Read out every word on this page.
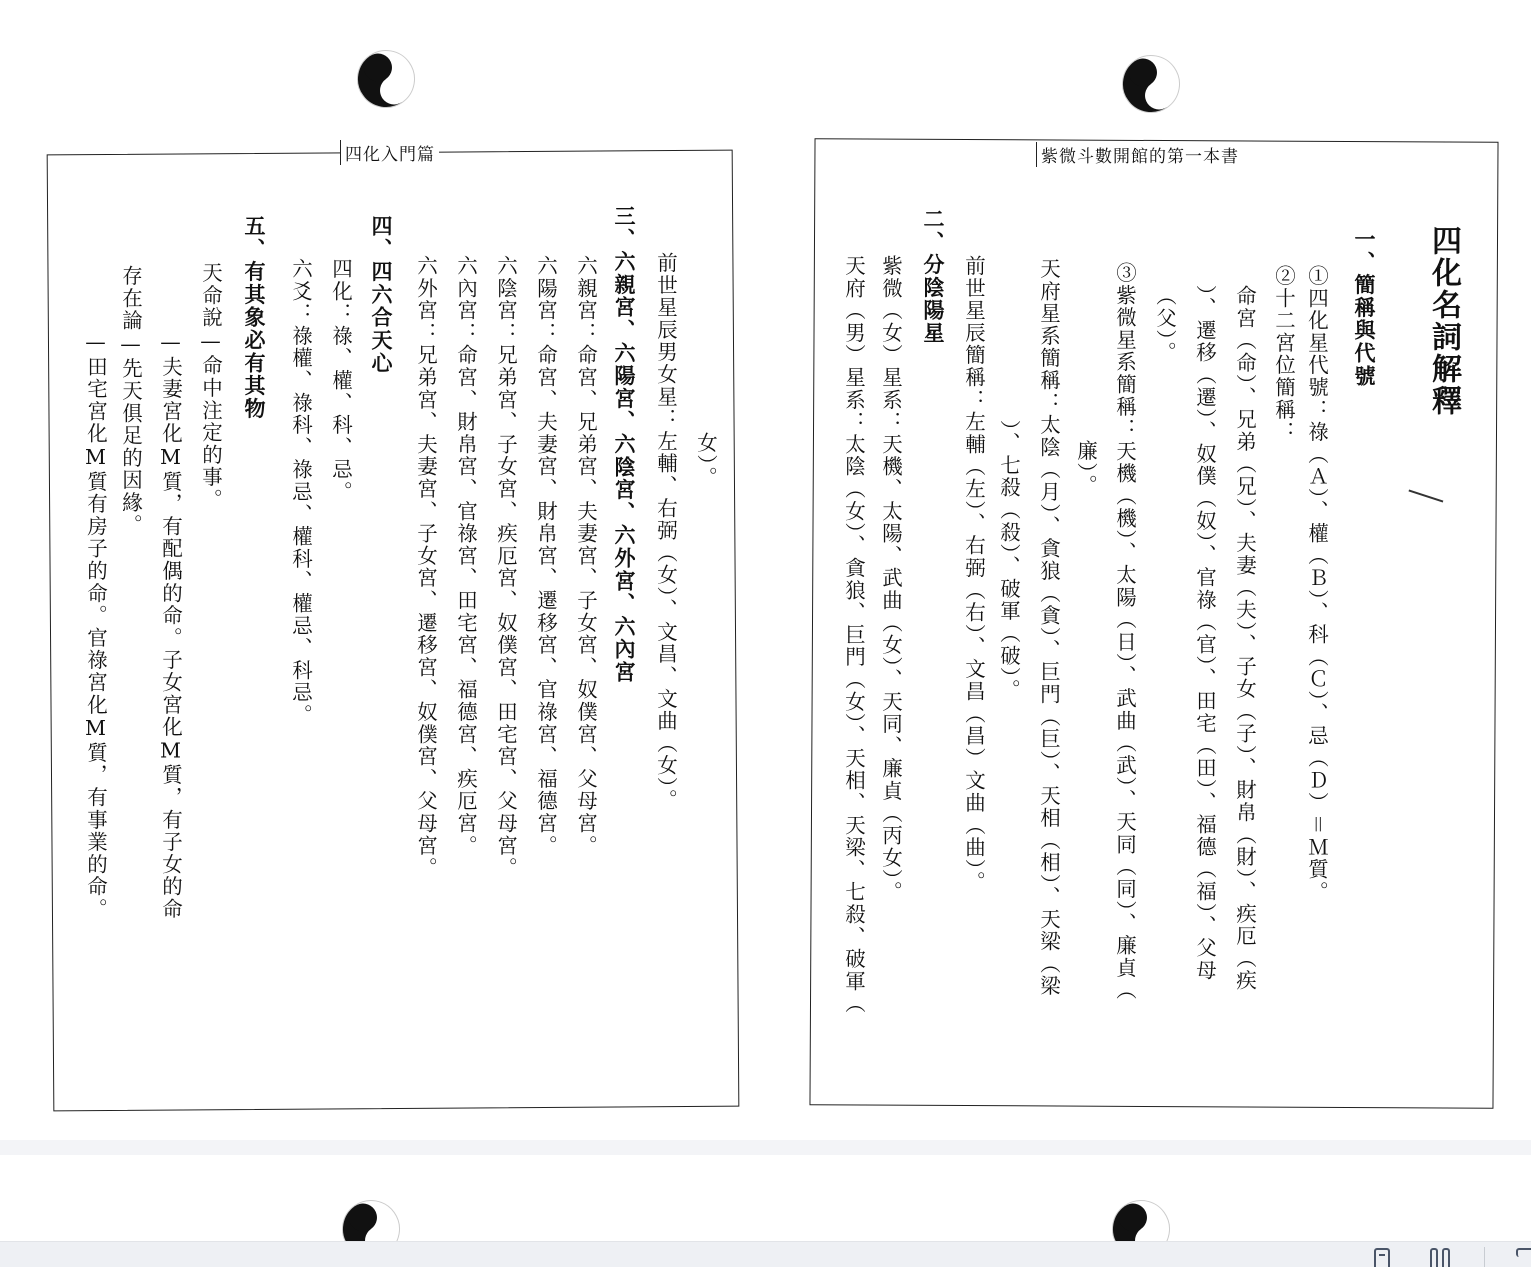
四化入門篇	紫微斗數開館的第一本書
女）。
前世星辰男女星：左輔、右弼（女）、文昌、文曲（女）。
三、六親宮、六陽宮、六陰宮、六外宮、六內宮
六親宮：命宮、兄弟宮、夫妻宮、子女宮、奴僕宮、父母宮。
六陽宮：命宮、夫妻宮、財帛宮、遷移宮、官祿宮、福德宮。
六陰宮：兄弟宮、子女宮、疾厄宮、奴僕宮、田宅宮、父母宮。
六內宮：命宮、財帛宮、官祿宮、田宅宮、福德宮、疾厄宮。
六外宮：兄弟宮、夫妻宮、子女宮、遷移宮、奴僕宮、父母宮。
四、四六合天心
四化：祿、權、科、忌。
六爻：祿權、祿科、祿忌、權科、權忌、科忌。
五、有其象必有其物
天命說—命中注定的事。
—夫妻宮化M質，有配偶的命。子女宮化M質，有子女的命
存在論—先天俱足的因緣。
—田宅宮化M質有房子的命。官祿宮化M質，有事業的命。
四化名詞解釋
一、簡稱與代號
①四化星代號：祿（Ａ）、權（Ｂ）、科（Ｃ）、忌（Ｄ）＝Ｍ質。
②十二宮位簡稱：
命宮（命）、兄弟（兄）、夫妻（夫）、子女（子）、財帛（財）、疾厄（疾
）、遷移（遷）、奴僕（奴）、官祿（官）、田宅（田）、福德（福）、父母
（父）。
③紫微星系簡稱：天機（機）、太陽（日）、武曲（武）、天同（同）、廉貞（
廉）。
天府星系簡稱：太陰（月）、貪狼（貪）、巨門（巨）、天相（相）、天梁（梁
）、七殺（殺）、破軍（破）。
前世星辰簡稱：左輔（左）、右弼（右）、文昌（昌）文曲（曲）。
二、分陰陽星
紫微（女）星系：天機、太陽、武曲（女）、天同、廉貞（丙女）。
天府（男）星系：太陰（女）、貪狼、巨門（女）、天相、天梁、七殺、破軍（
